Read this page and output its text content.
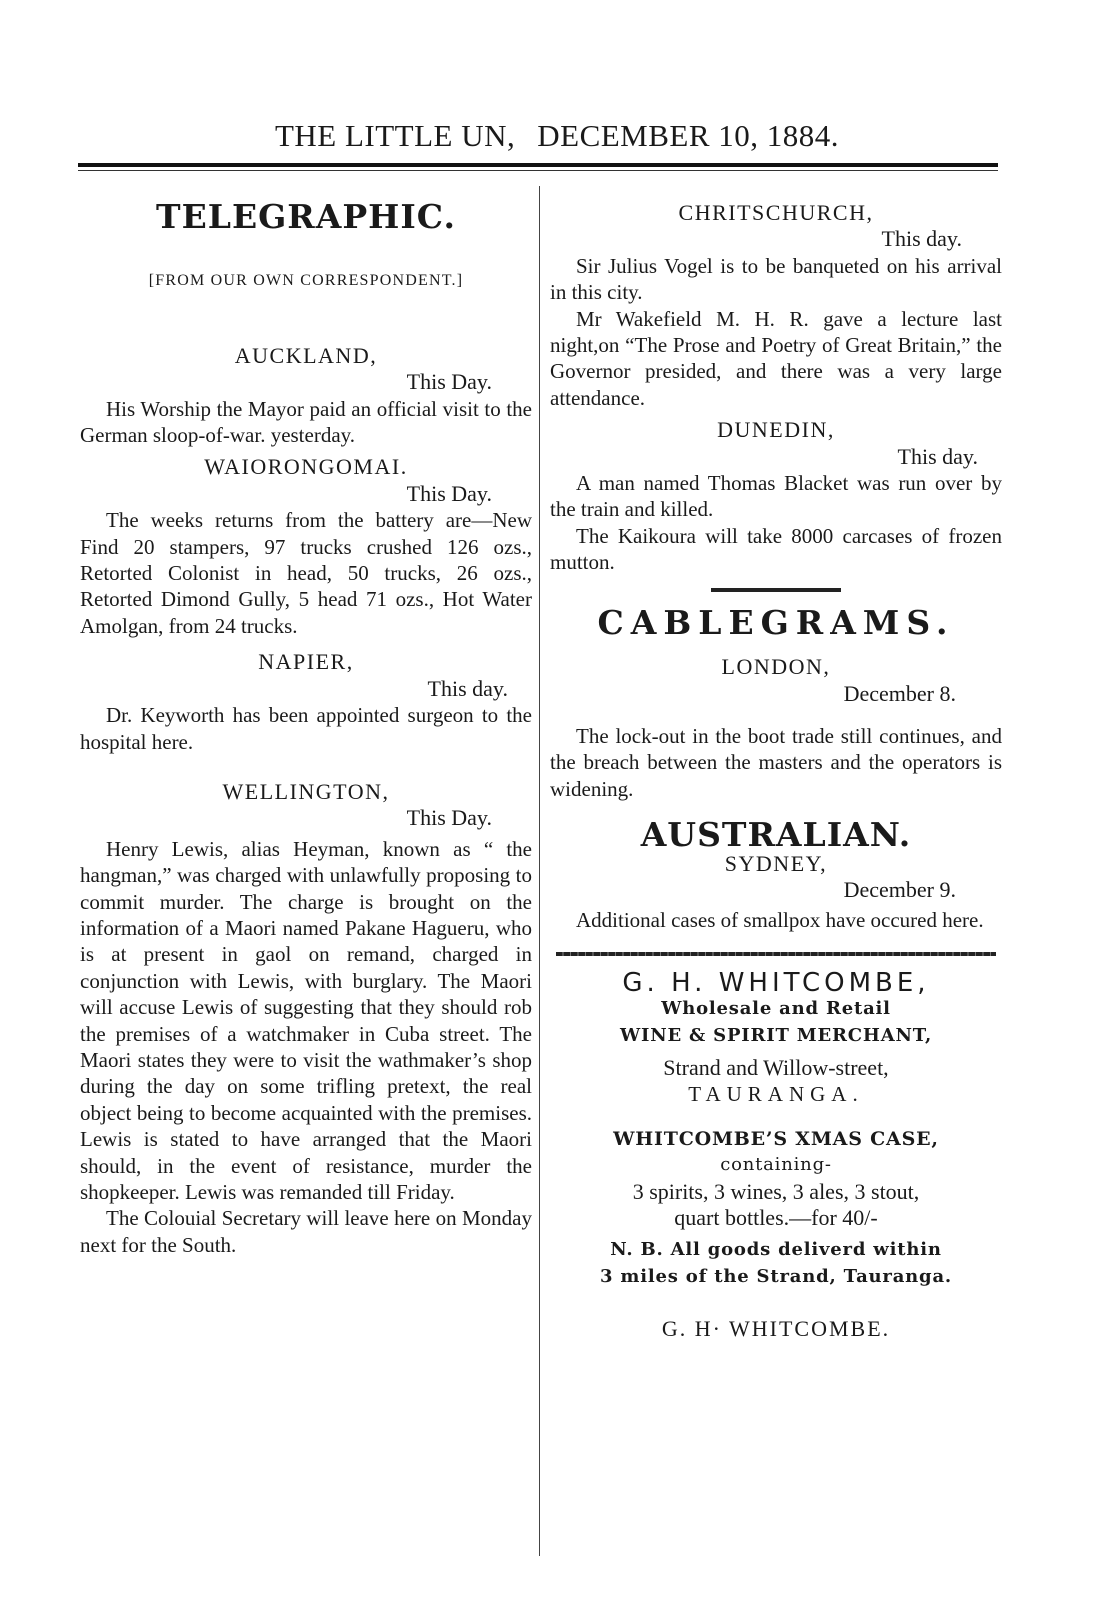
THE LITTLE UN, DECEMBER 10, 1884.
TELEGRAPHIC.
[FROM OUR OWN CORRESPONDENT.]
AUCKLAND,
This Day.

His Worship the Mayor paid an official visit to the German sloop-of-war. yesterday.

WAIORONGOMAI.
This Day.

The weeks returns from the battery are—New Find 20 stampers, 97 trucks crushed 126 ozs., Retorted Colonist in head, 50 trucks, 26 ozs., Retorted Dimond Gully, 5 head 71 ozs., Hot Water Amolgan, from 24 trucks.

NAPIER,
This day.

Dr. Keyworth has been appointed surgeon to the hospital here.

WELLINGTON,
This Day.

Henry Lewis, alias Heyman, known as “ the hangman,” was charged with unlawfully proposing to commit murder. The charge is brought on the information of a Maori named Pakane Hagueru, who is at present in gaol on remand, charged in conjunction with Lewis, with burglary. The Maori will accuse Lewis of suggesting that they should rob the premises of a watchmaker in Cuba street. The Maori states they were to visit the wathmaker’s shop during the day on some trifling pretext, the real object being to become acquainted with the premises. Lewis is stated to have arranged that the Maori should, in the event of resistance, murder the shopkeeper. Lewis was remanded till Friday.

The Colouial Secretary will leave here on Monday next for the South.

CHRITSCHURCH,
This day.

Sir Julius Vogel is to be banqueted on his arrival in this city.

Mr Wakefield M. H. R. gave a lecture last night,on “The Prose and Poetry of Great Britain,” the Governor presided, and there was a very large attendance.

DUNEDIN,
This day.

A man named Thomas Blacket was run over by the train and killed.

The Kaikoura will take 8000 carcases of frozen mutton.

CABLEGRAMS.
LONDON,
December 8.

The lock-out in the boot trade still continues, and the breach between the masters and the operators is widening.

AUSTRALIAN.
SYDNEY,
December 9.

Additional cases of smallpox have occured here.

G. H. WHITCOMBE,
Wholesale and Retail
WINE & SPIRIT MERCHANT,
Strand and Willow-street,
TAURANGA.
WHITCOMBE’S XMAS CASE,
containing-
3 spirits, 3 wines, 3 ales, 3 stout,
quart bottles.—for 40/-
N. B. All goods deliverd within
3 miles of the Strand, Tauranga.
G. H· WHITCOMBE.
